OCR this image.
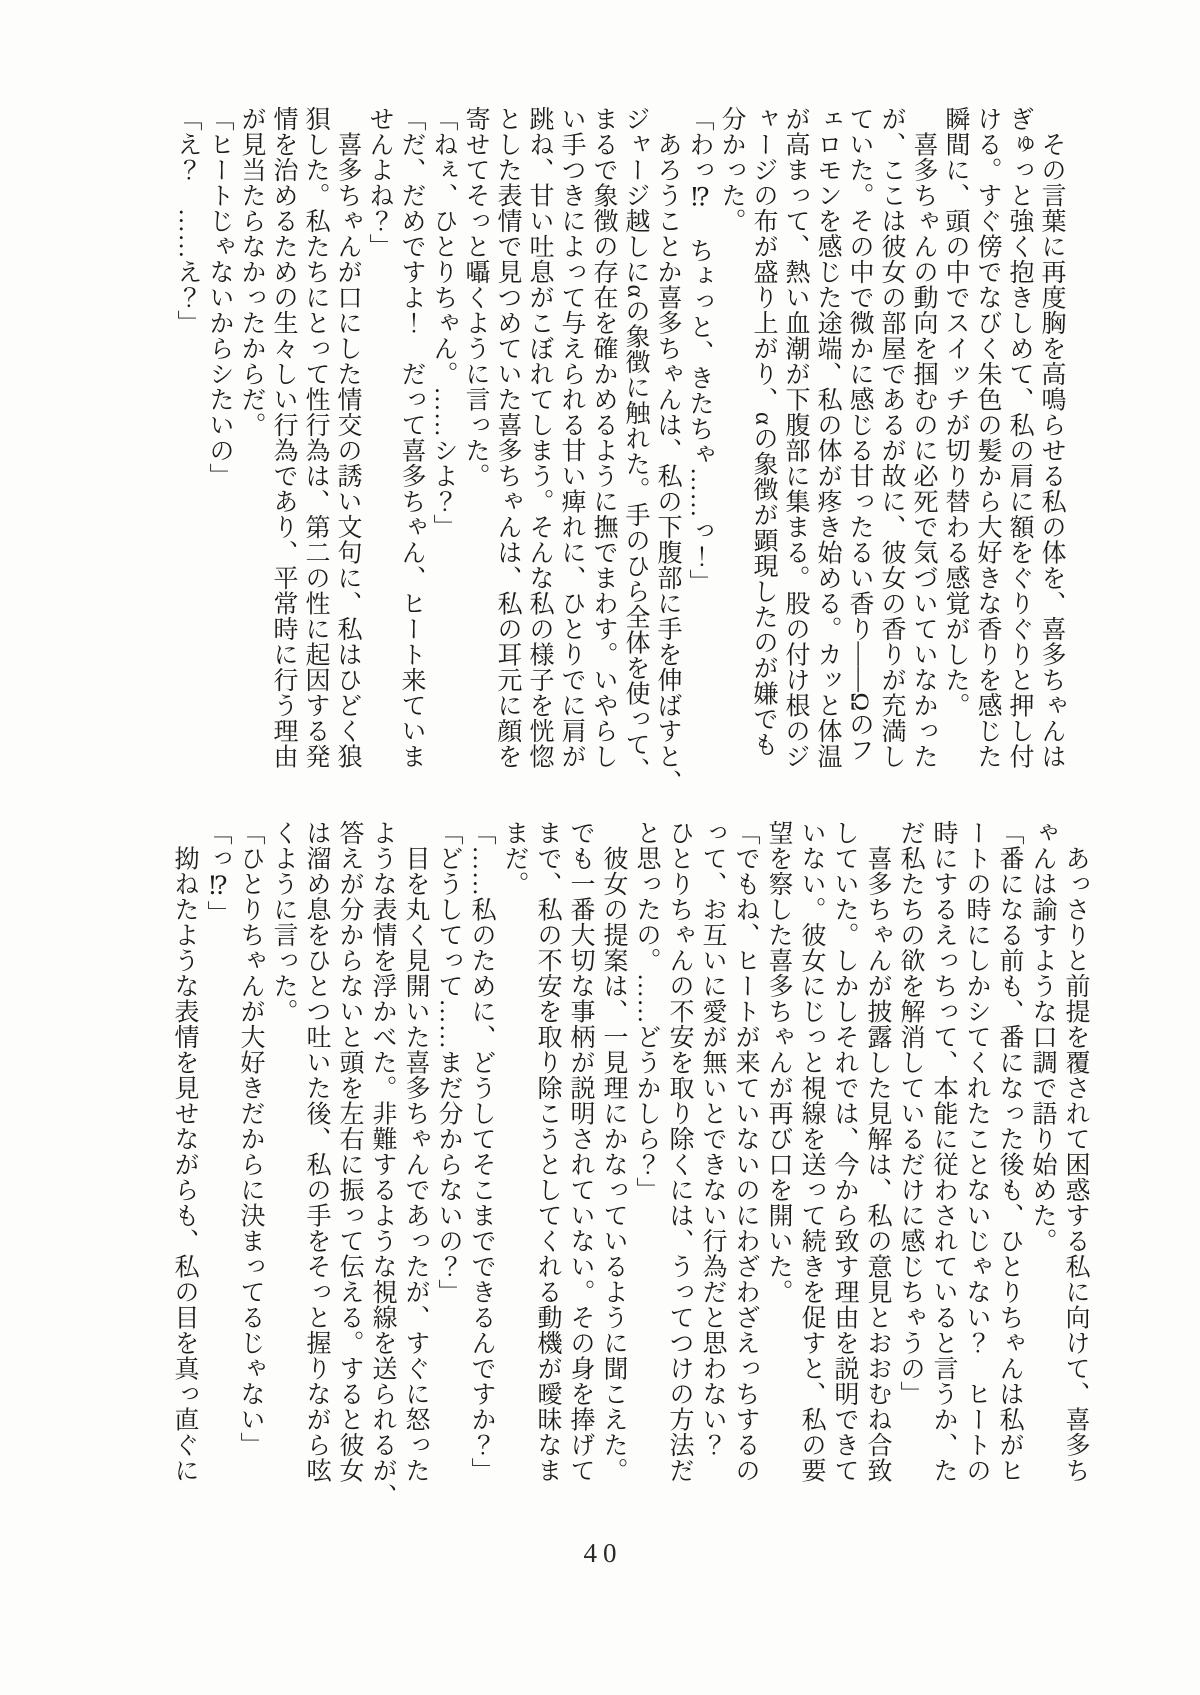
　その言葉に再度胸を高鳴らせる私の体を、喜多ちゃんは
ぎゅっと強く抱きしめて、私の肩に額をぐりぐりと押し付
ける。すぐ傍でなびく朱色の髪から大好きな香りを感じた
瞬間に、頭の中でスイッチが切り替わる感覚がした。
　喜多ちゃんの動向を掴むのに必死で気づいていなかった
が、ここは彼女の部屋であるが故に、彼女の香りが充満し
ていた。その中で微かに感じる甘ったるい香り――Ωのフ
ェロモンを感じた途端、私の体が疼き始める。カッと体温
が高まって、熱い血潮が下腹部に集まる。股の付け根のジ
ャージの布が盛り上がり、αの象徴が顕現したのが嫌でも
分かった。
「わっ⁉　ちょっと、きたちゃ……っ！」
　あろうことか喜多ちゃんは、私の下腹部に手を伸ばすと、
ジャージ越しにαの象徴に触れた。手のひら全体を使って、
まるで象徴の存在を確かめるように撫でまわす。いやらし
い手つきによって与えられる甘い痺れに、ひとりでに肩が
跳ね、甘い吐息がこぼれてしまう。そんな私の様子を恍惚
とした表情で見つめていた喜多ちゃんは、私の耳元に顔を
寄せてそっと囁くように言った。
「ねぇ、ひとりちゃん。……シよ？」
「だ、だめですよ！　だって喜多ちゃん、ヒート来ていま
せんよね？」
　喜多ちゃんが口にした情交の誘い文句に、私はひどく狼
狽した。私たちにとって性行為は、第二の性に起因する発
情を治めるための生々しい行為であり、平常時に行う理由
が見当たらなかったからだ。
「ヒートじゃないからシたいの」
「え？　……え？」
　あっさりと前提を覆されて困惑する私に向けて、喜多ち
ゃんは諭すような口調で語り始めた。
「番になる前も、番になった後も、ひとりちゃんは私がヒ
ートの時にしかシてくれたことないじゃない？　ヒートの
時にするえっちって、本能に従わされていると言うか、た
だ私たちの欲を解消しているだけに感じちゃうの」
　喜多ちゃんが披露した見解は、私の意見とおおむね合致
していた。しかしそれでは、今から致す理由を説明できて
いない。彼女にじっと視線を送って続きを促すと、私の要
望を察した喜多ちゃんが再び口を開いた。
「でもね、ヒートが来ていないのにわざわざえっちするの
って、お互いに愛が無いとできない行為だと思わない？
ひとりちゃんの不安を取り除くには、うってつけの方法だ
と思ったの。……どうかしら？」
　彼女の提案は、一見理にかなっているように聞こえた。
でも一番大切な事柄が説明されていない。その身を捧げて
まで、私の不安を取り除こうとしてくれる動機が曖昧なま
まだ。
「……私のために、どうしてそこまでできるんですか？」
「どうしてって……まだ分からないの？」
　目を丸く見開いた喜多ちゃんであったが、すぐに怒った
ような表情を浮かべた。非難するような視線を送られるが、
答えが分からないと頭を左右に振って伝える。すると彼女
は溜め息をひとつ吐いた後、私の手をそっと握りながら呟
くように言った。
「ひとりちゃんが大好きだからに決まってるじゃない」
「っ⁉」
　拗ねたような表情を見せながらも、私の目を真っ直ぐに
40
